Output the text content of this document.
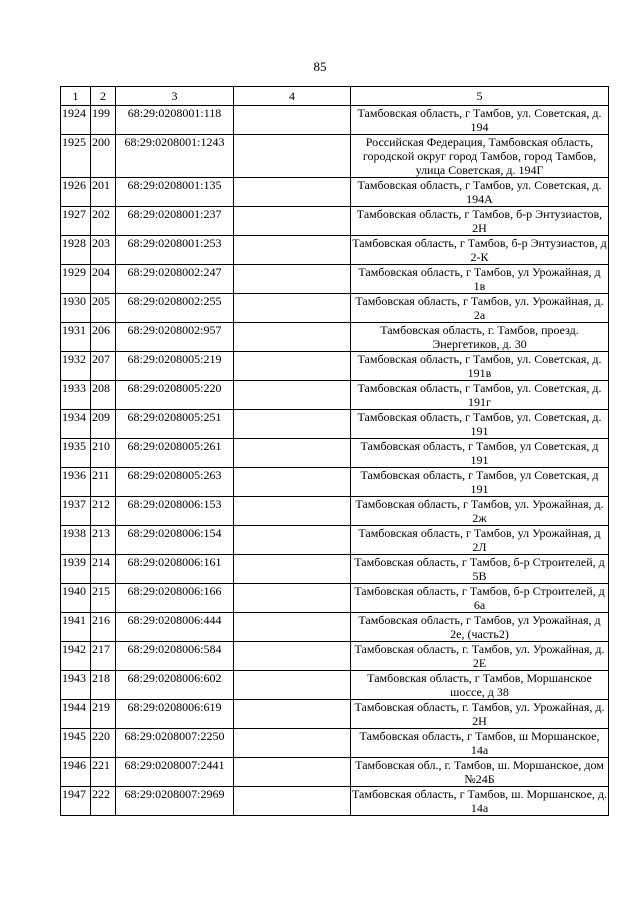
85
1	2	3	4	5
1924	199	68:29:0208001:118		Тамбовская область, г Тамбов, ул. Советская, д. 194
1925	200	68:29:0208001:1243		Российская Федерация, Тамбовская область, городской округ город Тамбов, город Тамбов, улица Советская, д. 194Г
1926	201	68:29:0208001:135		Тамбовская область, г Тамбов, ул. Советская, д. 194А
1927	202	68:29:0208001:237		Тамбовская область, г Тамбов, б-р Энтузиастов, 2Н
1928	203	68:29:0208001:253		Тамбовская область, г Тамбов, б-р Энтузиастов, д 2-К
1929	204	68:29:0208002:247		Тамбовская область, г Тамбов, ул Урожайная, д 1в
1930	205	68:29:0208002:255		Тамбовская область, г Тамбов, ул. Урожайная, д. 2а
1931	206	68:29:0208002:957		Тамбовская область, г. Тамбов, проезд. Энергетиков, д. 30
1932	207	68:29:0208005:219		Тамбовская область, г Тамбов, ул. Советская, д. 191в
1933	208	68:29:0208005:220		Тамбовская область, г Тамбов, ул. Советская, д. 191г
1934	209	68:29:0208005:251		Тамбовская область, г Тамбов, ул. Советская, д. 191
1935	210	68:29:0208005:261		Тамбовская область, г Тамбов, ул Советская, д 191
1936	211	68:29:0208005:263		Тамбовская область, г Тамбов, ул Советская, д 191
1937	212	68:29:0208006:153		Тамбовская область, г Тамбов, ул. Урожайная, д. 2ж
1938	213	68:29:0208006:154		Тамбовская область, г Тамбов, ул Урожайная, д 2Л
1939	214	68:29:0208006:161		Тамбовская область, г Тамбов, б-р Строителей, д 5В
1940	215	68:29:0208006:166		Тамбовская область, г Тамбов, б-р Строителей, д 6а
1941	216	68:29:0208006:444		Тамбовская область, г Тамбов, ул Урожайная, д 2е, (часть2)
1942	217	68:29:0208006:584		Тамбовская область, г. Тамбов, ул. Урожайная, д. 2Е
1943	218	68:29:0208006:602		Тамбовская область, г Тамбов, Моршанское шоссе, д 38
1944	219	68:29:0208006:619		Тамбовская область, г. Тамбов, ул. Урожайная, д. 2Н
1945	220	68:29:0208007:2250		Тамбовская область, г Тамбов, ш Моршанское, 14а
1946	221	68:29:0208007:2441		Тамбовская обл., г. Тамбов, ш. Моршанское, дом №24Б
1947	222	68:29:0208007:2969		Тамбовская область, г Тамбов, ш. Моршанское, д. 14а
